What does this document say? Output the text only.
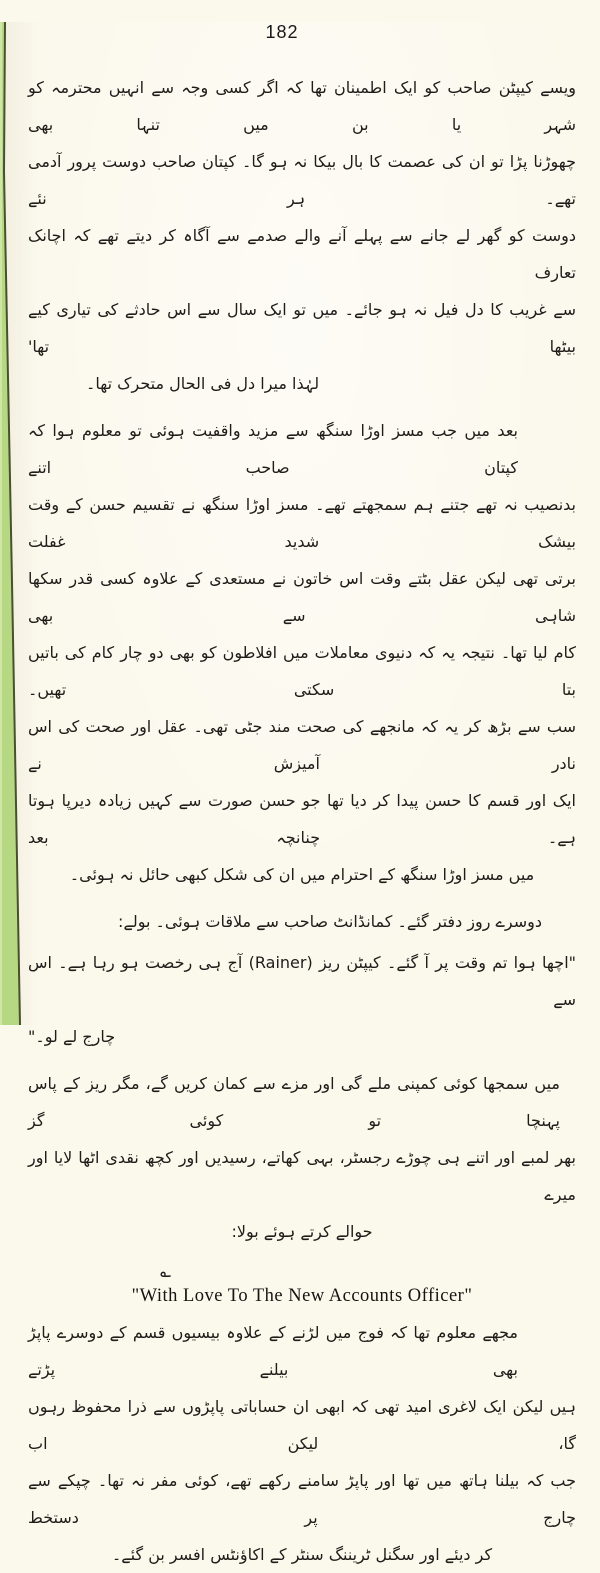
182
ویسے کیپٹن صاحب کو ایک اطمینان تھا کہ اگر کسی وجہ سے انہیں محترمہ کو شہر یا بن میں تنہا بھی
چھوڑنا پڑا تو ان کی عصمت کا بال بیکا نہ ہو گا۔ کپتان صاحب دوست پرور آدمی تھے۔ ہر نئے
دوست کو گھر لے جانے سے پہلے آنے والے صدمے سے آگاہ کر دیتے تھے کہ اچانک تعارف
سے غریب کا دل فیل نہ ہو جائے۔ میں تو ایک سال سے اس حادثے کی تیاری کیے بیٹھا تھا'
لہٰذا میرا دل فی الحال متحرک تھا۔
بعد میں جب مسز اوڑا سنگھ سے مزید واقفیت ہوئی تو معلوم ہوا کہ کپتان صاحب اتنے
بدنصیب نہ تھے جتنے ہم سمجھتے تھے۔ مسز اوڑا سنگھ نے تقسیم حسن کے وقت بیشک شدید غفلت
برتی تھی لیکن عقل بٹتے وقت اس خاتون نے مستعدی کے علاوہ کسی قدر سکھا شاہی سے بھی
کام لیا تھا۔ نتیجہ یہ کہ دنیوی معاملات میں افلاطون کو بھی دو چار کام کی باتیں بتا سکتی تھیں۔
سب سے بڑھ کر یہ کہ مانجھے کی صحت مند جٹی تھی۔ عقل اور صحت کی اس نادر آمیزش نے
ایک اور قسم کا حسن پیدا کر دیا تھا جو حسن صورت سے کہیں زیادہ دیرپا ہوتا ہے۔ چنانچہ بعد
میں مسز اوڑا سنگھ کے احترام میں ان کی شکل کبھی حائل نہ ہوئی۔
دوسرے روز دفتر گئے۔ کمانڈانٹ صاحب سے ملاقات ہوئی۔ بولے:
"اچھا ہوا تم وقت پر آ گئے۔ کیپٹن ریز (Rainer) آج ہی رخصت ہو رہا ہے۔ اس سے
چارج لے لو۔"
میں سمجھا کوئی کمپنی ملے گی اور مزے سے کمان کریں گے، مگر ریز کے پاس پہنچا تو کوئی گز
بھر لمبے اور اتنے ہی چوڑے رجسٹر، بہی کھاتے، رسیدیں اور کچھ نقدی اٹھا لایا اور میرے
حوالے کرتے ہوئے بولا:
؎
"With Love To The New Accounts Officer"
مجھے معلوم تھا کہ فوج میں لڑنے کے علاوہ بیسیوں قسم کے دوسرے پاپڑ بھی بیلنے پڑتے
ہیں لیکن ایک لاغری امید تھی کہ ابھی ان حساباتی پاپڑوں سے ذرا محفوظ رہوں گا، لیکن اب
جب کہ بیلنا ہاتھ میں تھا اور پاپڑ سامنے رکھے تھے، کوئی مفر نہ تھا۔ چپکے سے چارج پر دستخط
کر دیئے اور سگنل ٹریننگ سنٹر کے اکاؤنٹس افسر بن گئے۔
